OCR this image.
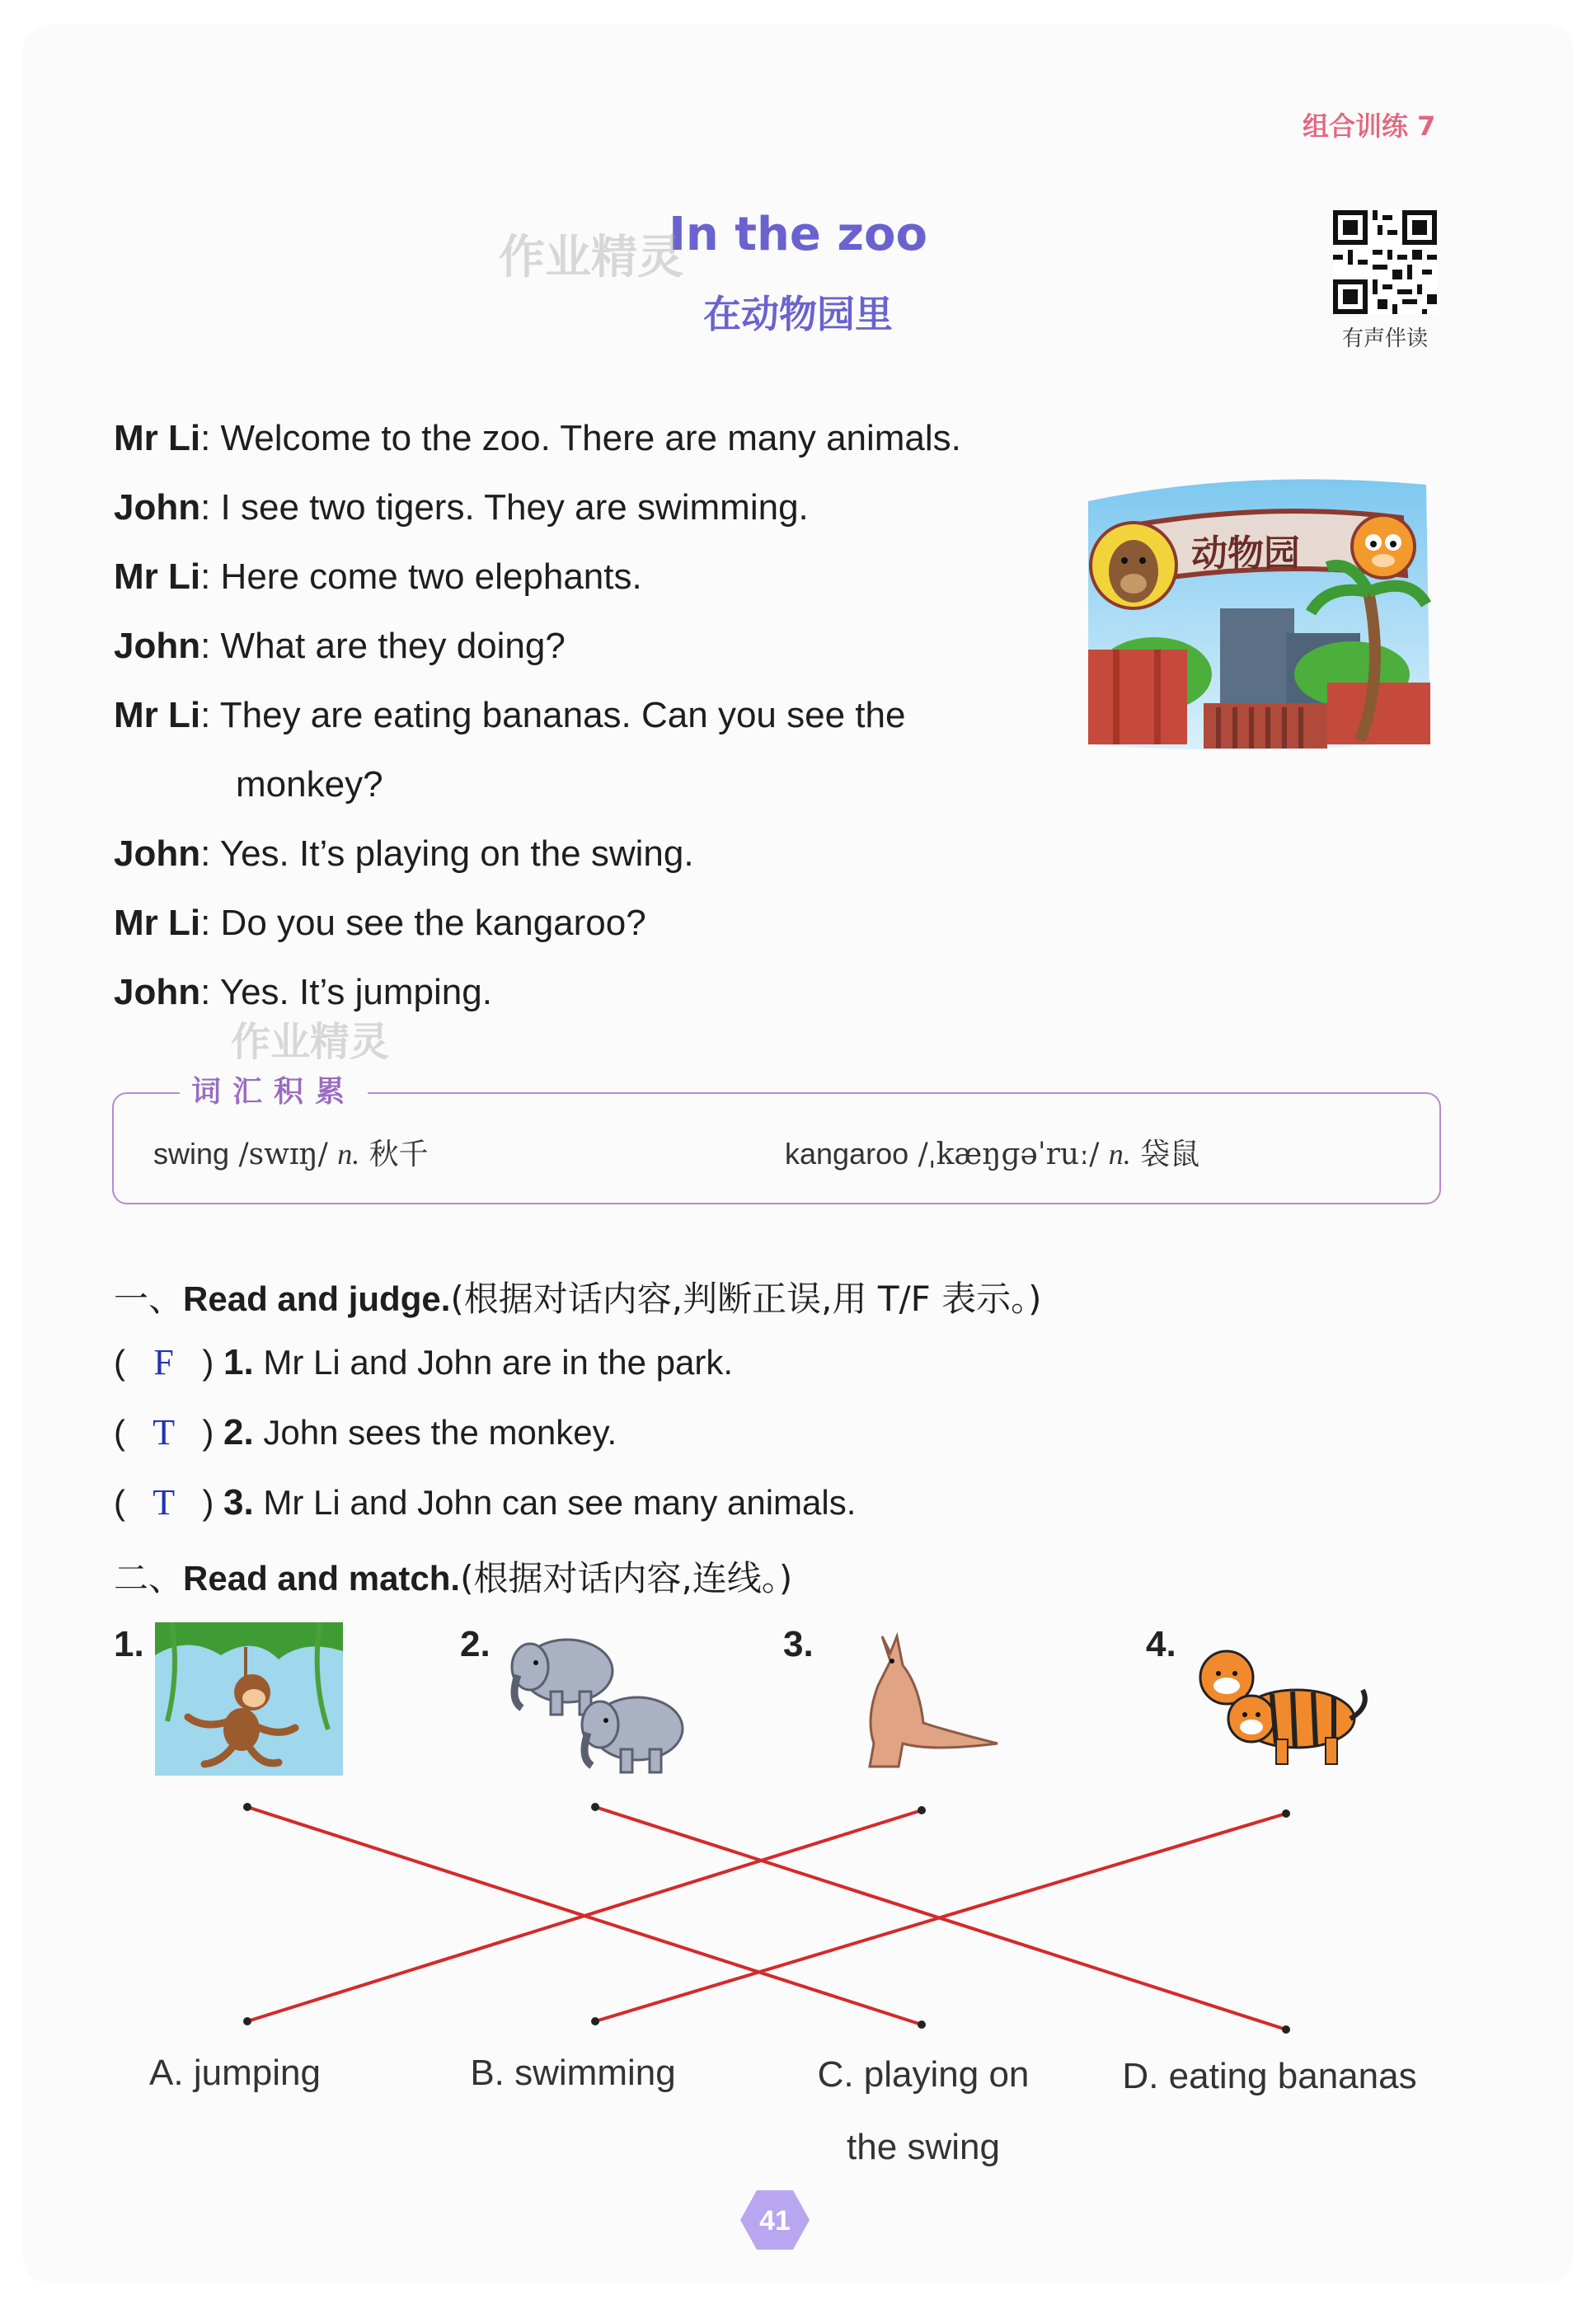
组合训练 7
In the zoo
在动物园里
作业精灵
有声伴读
Mr Li: Welcome to the zoo. There are many animals.
John: I see two tigers. They are swimming.
Mr Li: Here come two elephants.
John: What are they doing?
Mr Li: They are eating bananas. Can you see the
monkey?
John: Yes. It’s playing on the swing.
Mr Li: Do you see the kangaroo?
John: Yes. It’s jumping.
作业精灵
动物园
词汇积累
swing /swɪŋ/ n. 秋千	kangaroo /ˌkæŋɡəˈruː/ n. 袋鼠
一、Read and judge.(根据对话内容,判断正误,用 T/F 表示。)
( F ) 1. Mr Li and John are in the park.
( T ) 2. John sees the monkey.
( T ) 3. Mr Li and John can see many animals.
二、Read and match.(根据对话内容,连线。)
1.	2.	3.	4.
A. jumping	B. swimming	C. playing on
the swing
D. eating bananas
41
